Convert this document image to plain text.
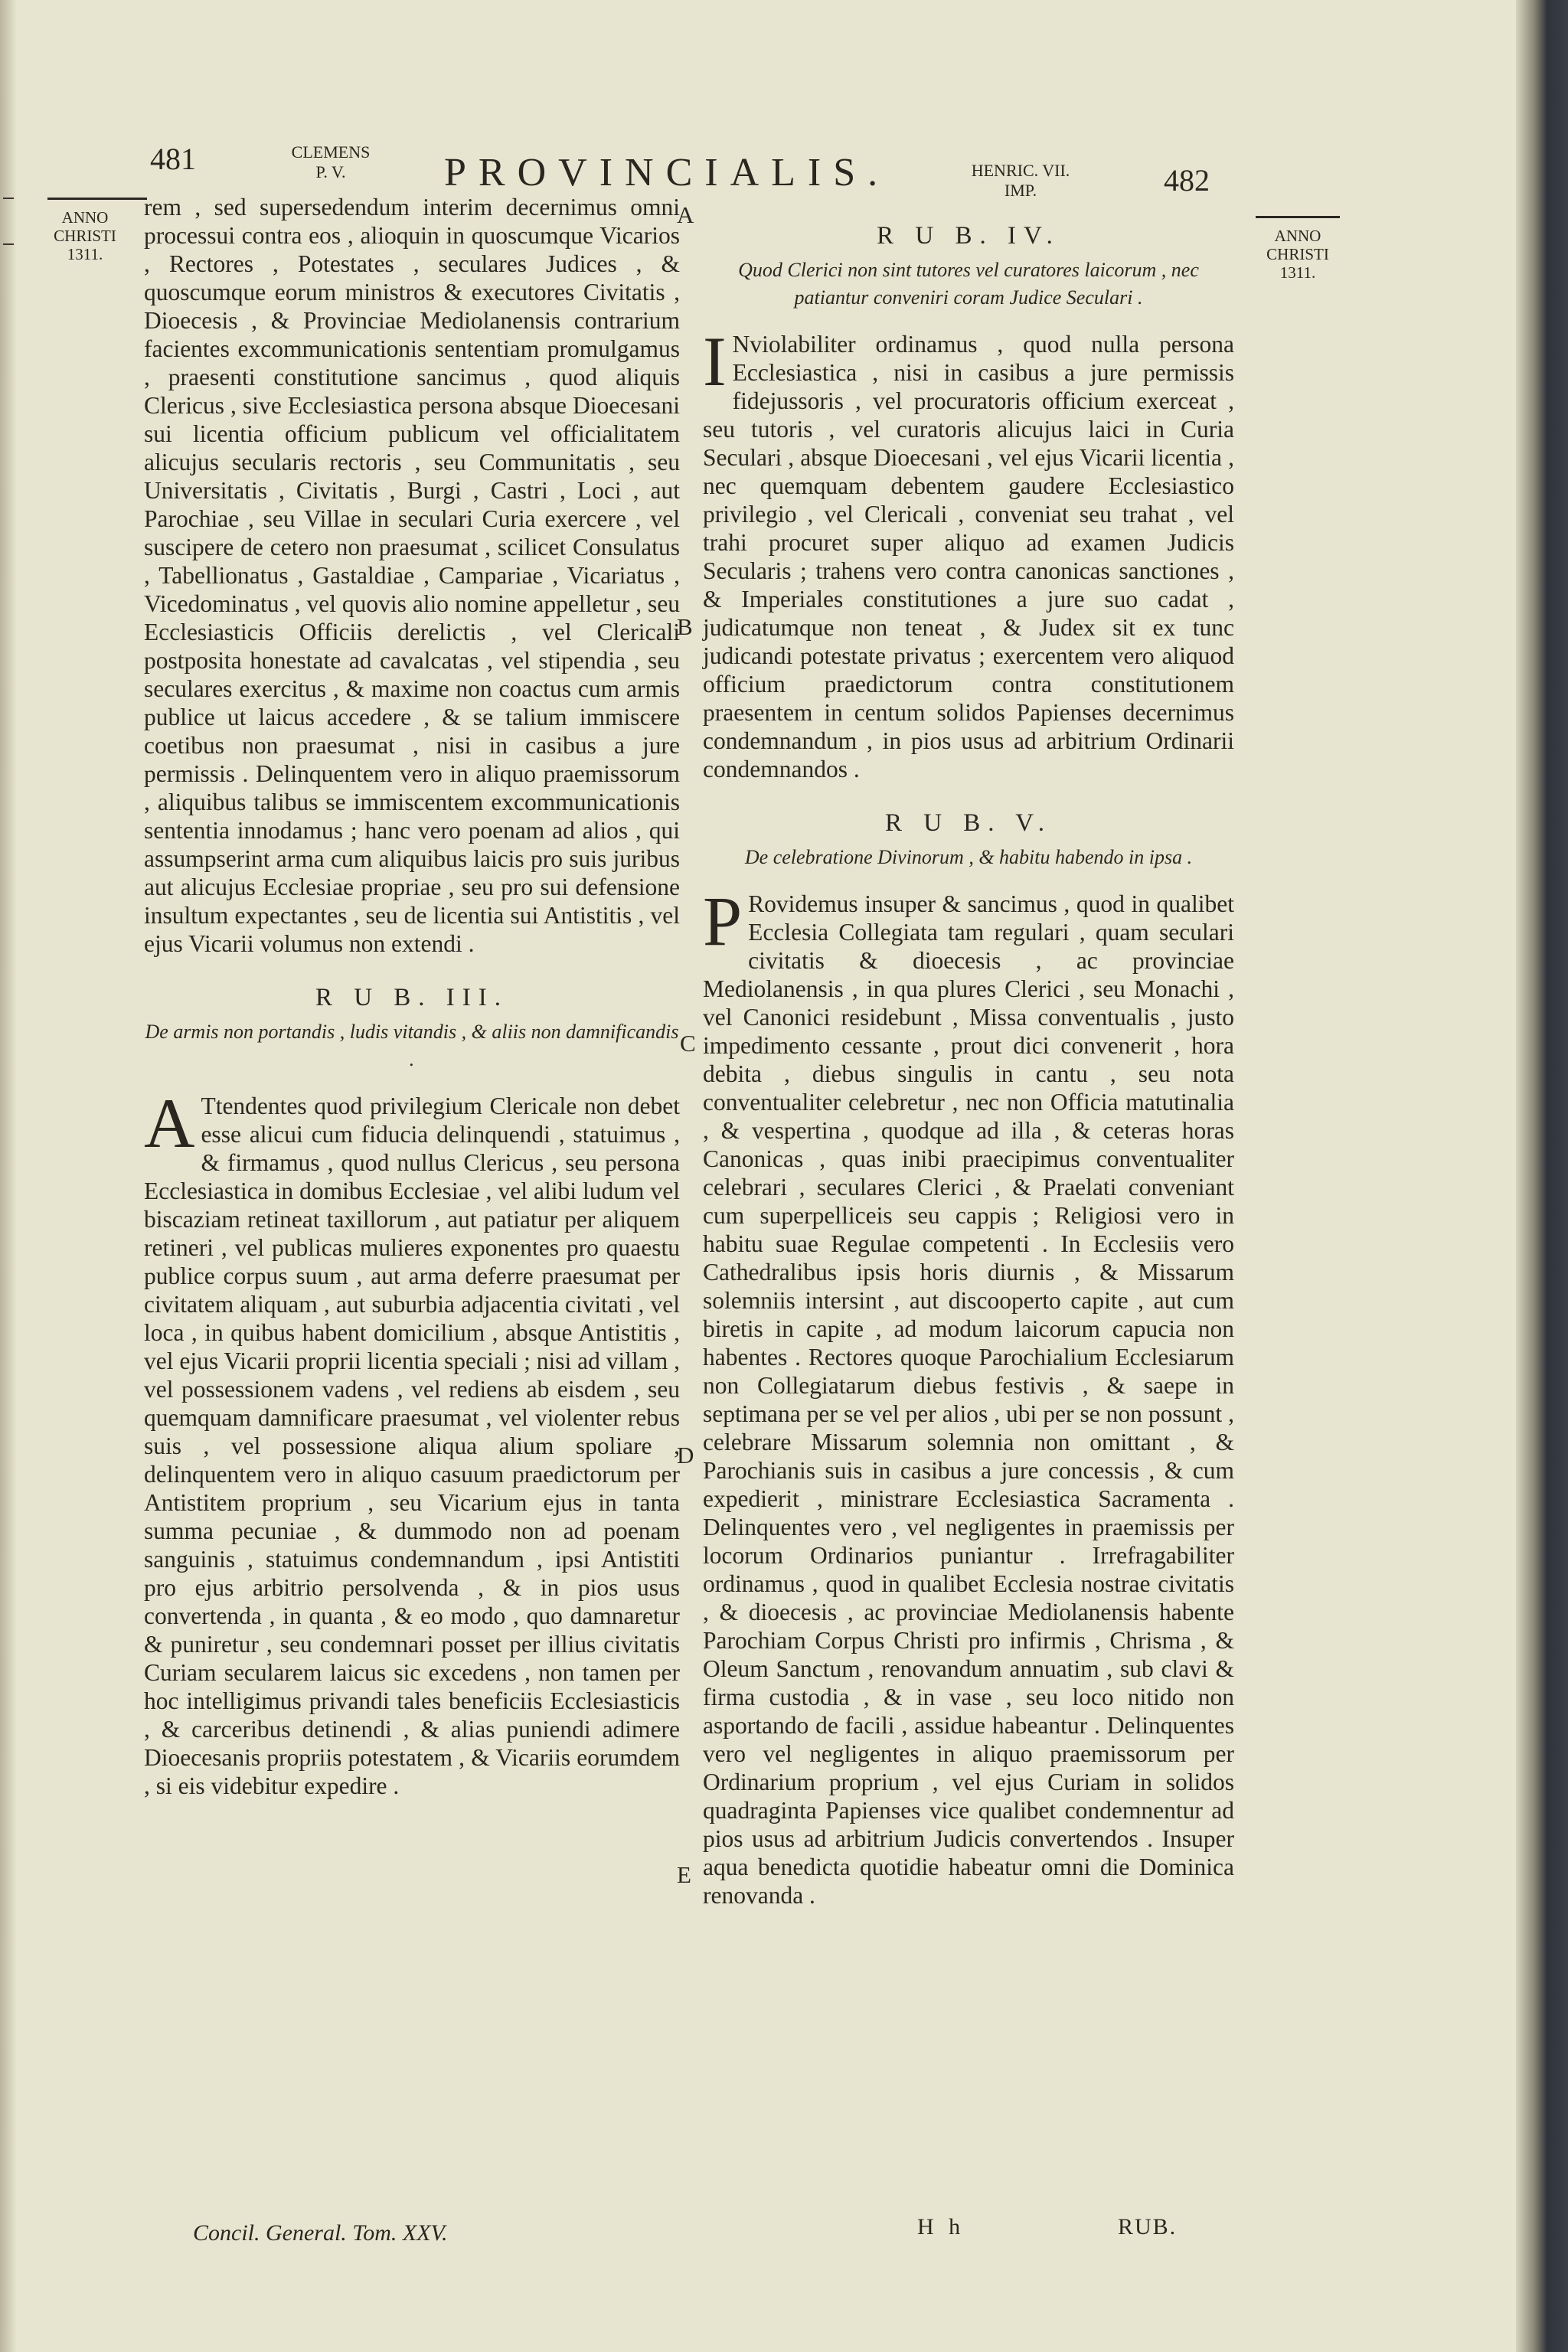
481	CLEMENS
P. V.	PROVINCIALIS.	HENRIC. VII.
IMP.	482
ANNO
CHRISTI
1311.
ANNO
CHRISTI
1311.
A
B
C
D
E

rem , sed supersedendum interim decernimus omni processui contra eos , alioquin in quoscumque Vicarios , Rectores , Potestates , seculares Judices , & quoscumque eorum ministros & executores Civitatis , Dioecesis , & Provinciae Mediolanensis contrarium facientes excommunicationis sententiam promulgamus , praesenti constitutione sancimus , quod aliquis Clericus , sive Ecclesiastica persona absque Dioecesani sui licentia officium publicum vel officialitatem alicujus secularis rectoris , seu Communitatis , seu Universitatis , Civitatis , Burgi , Castri , Loci , aut Parochiae , seu Villae in seculari Curia exercere , vel suscipere de cetero non praesumat , scilicet Consulatus , Tabellionatus , Gastaldiae , Campariae , Vicariatus , Vicedominatus , vel quovis alio nomine appelletur , seu Ecclesiasticis Officiis derelictis , vel Clericali postposita honestate ad cavalcatas , vel stipendia , seu seculares exercitus , & maxime non coactus cum armis publice ut laicus accedere , & se talium immiscere coetibus non praesumat , nisi in casibus a jure permissis . Delinquentem vero in aliquo praemissorum , aliquibus talibus se immiscentem excommunicationis sententia innodamus ; hanc vero poenam ad alios , qui assumpserint arma cum aliquibus laicis pro suis juribus aut alicujus Ecclesiae propriae , seu pro sui defensione insultum expectantes , seu de licentia sui Antistitis , vel ejus Vicarii volumus non extendi .

R U B. III.
De armis non portandis , ludis vitandis , & aliis non damnificandis .

A Ttendentes quod privilegium Clericale non debet esse alicui cum fiducia delinquendi , statuimus , & firmamus , quod nullus Clericus , seu persona Ecclesiastica in domibus Ecclesiae , vel alibi ludum vel biscaziam retineat taxillorum , aut patiatur per aliquem retineri , vel publicas mulieres exponentes pro quaestu publice corpus suum , aut arma deferre praesumat per civitatem aliquam , aut suburbia adjacentia civitati , vel loca , in quibus habent domicilium , absque Antistitis , vel ejus Vicarii proprii licentia speciali ; nisi ad villam , vel possessionem vadens , vel rediens ab eisdem , seu quemquam damnificare praesumat , vel violenter rebus suis , vel possessione aliqua alium spoliare , delinquentem vero in aliquo casuum praedictorum per Antistitem proprium , seu Vicarium ejus in tanta summa pecuniae , & dummodo non ad poenam sanguinis , statuimus condemnandum , ipsi Antistiti pro ejus arbitrio persolvenda , & in pios usus convertenda , in quanta , & eo modo , quo damnaretur & puniretur , seu condemnari posset per illius civitatis Curiam secularem laicus sic excedens , non tamen per hoc intelligimus privandi tales beneficiis Ecclesiasticis , & carceribus detinendi , & alias puniendi adimere Dioecesanis propriis potestatem , & Vicariis eorumdem , si eis videbitur expedire .

R U B. IV.
Quod Clerici non sint tutores vel curatores laicorum , nec patiantur conveniri coram Judice Seculari .

I Nviolabiliter ordinamus , quod nulla persona Ecclesiastica , nisi in casibus a jure permissis fidejussoris , vel procuratoris officium exerceat , seu tutoris , vel curatoris alicujus laici in Curia Seculari , absque Dioecesani , vel ejus Vicarii licentia , nec quemquam debentem gaudere Ecclesiastico privilegio , vel Clericali , conveniat seu trahat , vel trahi procuret super aliquo ad examen Judicis Secularis ; trahens vero contra canonicas sanctiones , & Imperiales constitutiones a jure suo cadat , judicatumque non teneat , & Judex sit ex tunc judicandi potestate privatus ; exercentem vero aliquod officium praedictorum contra constitutionem praesentem in centum solidos Papienses decernimus condemnandum , in pios usus ad arbitrium Ordinarii condemnandos .

R U B. V.
De celebratione Divinorum , & habitu habendo in ipsa .

P Rovidemus insuper & sancimus , quod in qualibet Ecclesia Collegiata tam regulari , quam seculari civitatis & dioecesis , ac provinciae Mediolanensis , in qua plures Clerici , seu Monachi , vel Canonici residebunt , Missa conventualis , justo impedimento cessante , prout dici convenerit , hora debita , diebus singulis in cantu , seu nota conventualiter celebretur , nec non Officia matutinalia , & vespertina , quodque ad illa , & ceteras horas Canonicas , quas inibi praecipimus conventualiter celebrari , seculares Clerici , & Praelati conveniant cum superpelliceis seu cappis ; Religiosi vero in habitu suae Regulae competenti . In Ecclesiis vero Cathedralibus ipsis horis diurnis , & Missarum solemniis intersint , aut discooperto capite , aut cum biretis in capite , ad modum laicorum capucia non habentes . Rectores quoque Parochialium Ecclesiarum non Collegiatarum diebus festivis , & saepe in septimana per se vel per alios , ubi per se non possunt , celebrare Missarum solemnia non omittant , & Parochianis suis in casibus a jure concessis , & cum expedierit , ministrare Ecclesiastica Sacramenta . Delinquentes vero , vel negligentes in praemissis per locorum Ordinarios puniantur . Irrefragabiliter ordinamus , quod in qualibet Ecclesia nostrae civitatis , & dioecesis , ac provinciae Mediolanensis habente Parochiam Corpus Christi pro infirmis , Chrisma , & Oleum Sanctum , renovandum annuatim , sub clavi & firma custodia , & in vase , seu loco nitido non asportando de facili , assidue habeantur . Delinquentes vero vel negligentes in aliquo praemissorum per Ordinarium proprium , vel ejus Curiam in solidos quadraginta Papienses vice qualibet condemnentur ad pios usus ad arbitrium Judicis convertendos . Insuper aqua benedicta quotidie habeatur omni die Dominica renovanda .

Concil. General. Tom. XXV.	H h	RUB.
